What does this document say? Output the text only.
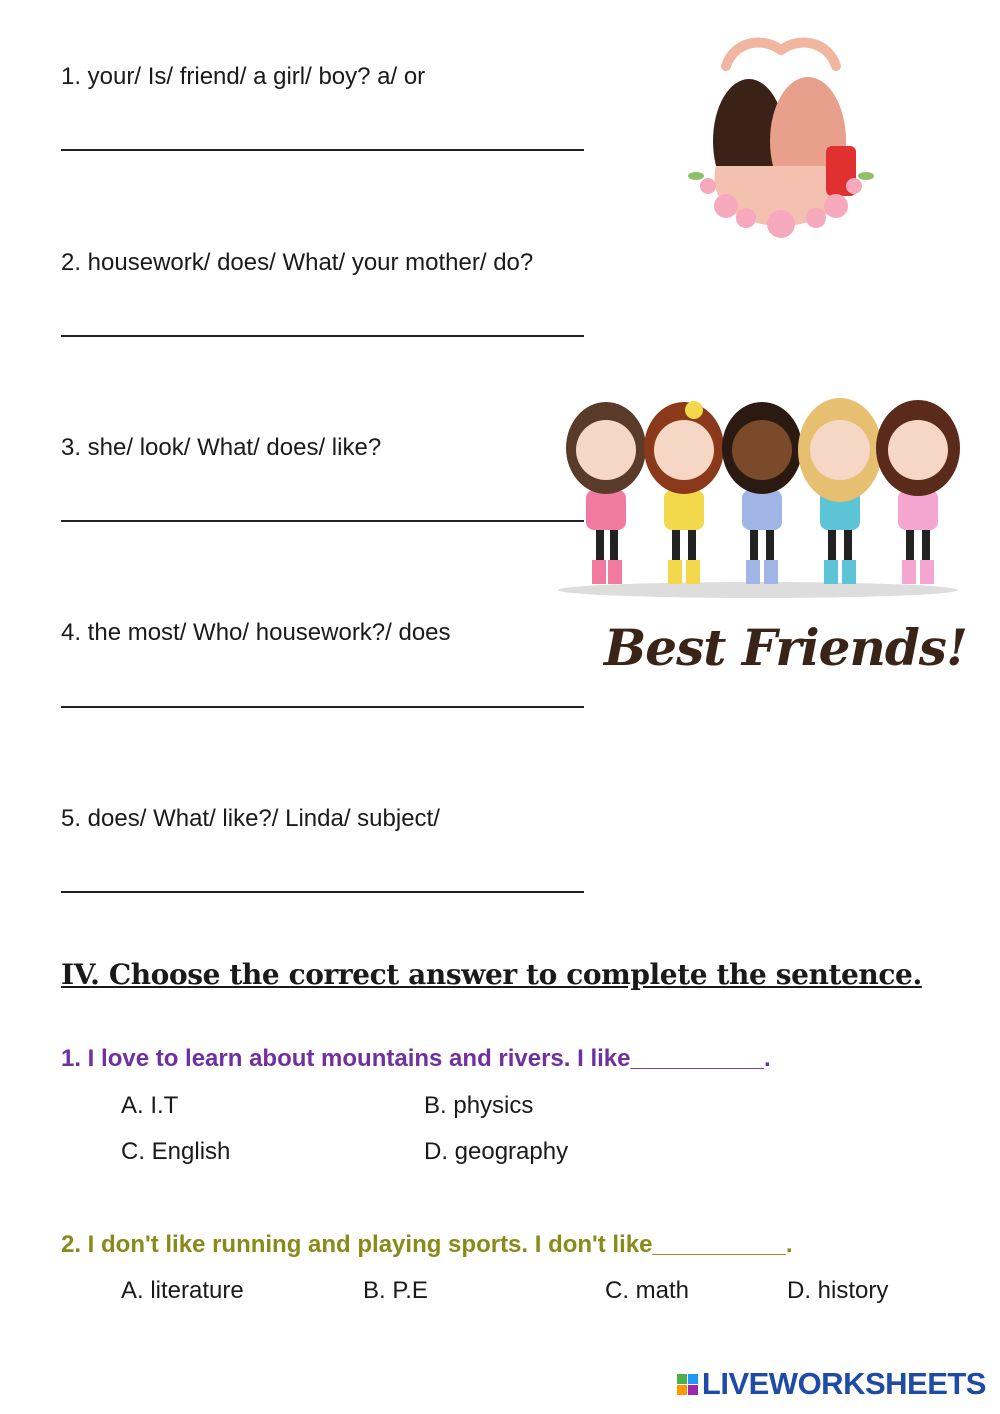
1. your/ Is/ friend/ a girl/ boy? a/ or
2. housework/ does/ What/ your mother/ do?
3. she/ look/ What/ does/ like?
4. the most/ Who/ housework?/ does
5. does/ What/ like?/ Linda/ subject/
Best Friends!
IV. Choose the correct answer to complete the sentence.
1. I love to learn about mountains and rivers. I like__________.
A. I.T	B. physics
C. English	D. geography
2. I don't like running and playing sports. I don't like__________.
A. literature	B. P.E	C. math	D. history
LIVEWORKSHEETS
